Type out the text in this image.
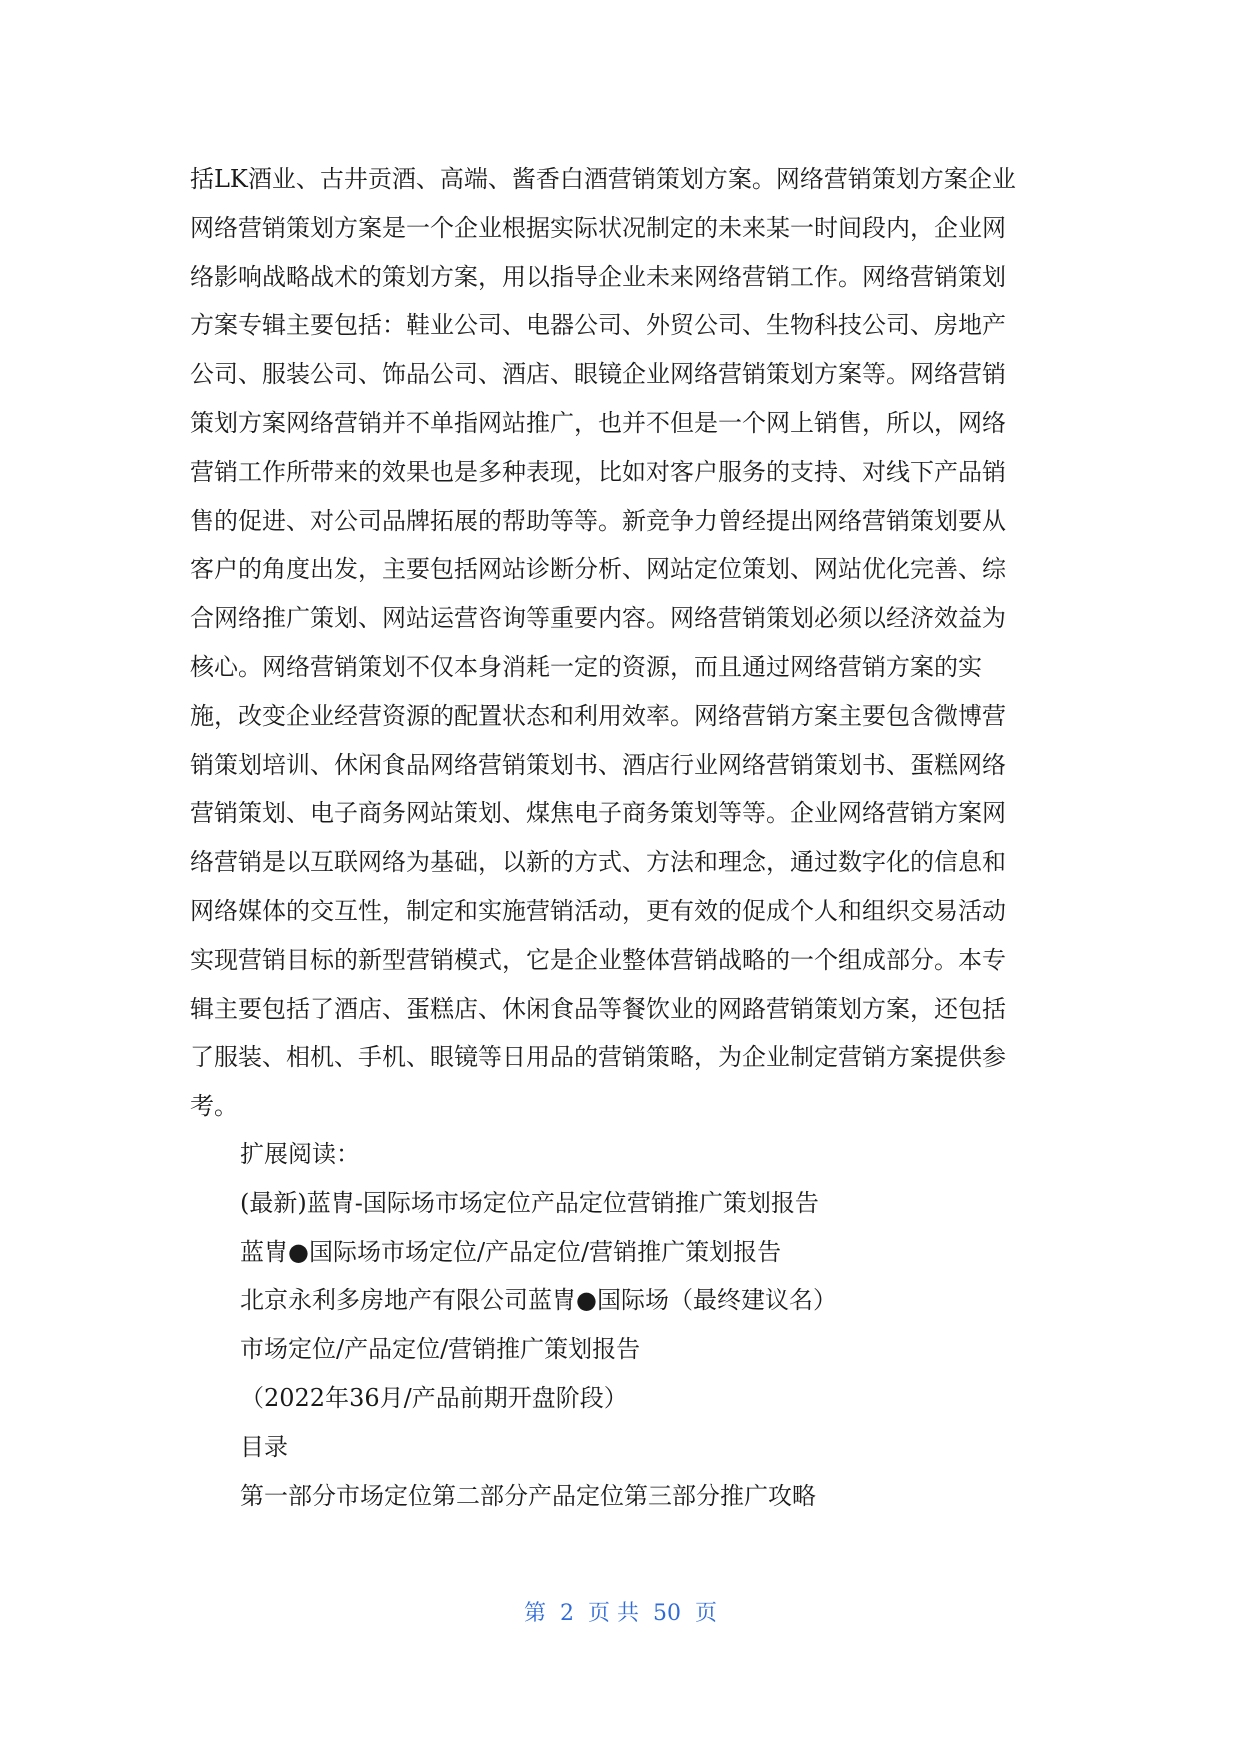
括LK酒业、古井贡酒、高端、酱香白酒营销策划方案。网络营销策划方案企业
网络营销策划方案是一个企业根据实际状况制定的未来某一时间段内，企业网
络影响战略战术的策划方案，用以指导企业未来网络营销工作。网络营销策划
方案专辑主要包括：鞋业公司、电器公司、外贸公司、生物科技公司、房地产
公司、服装公司、饰品公司、酒店、眼镜企业网络营销策划方案等。网络营销
策划方案网络营销并不单指网站推广，也并不但是一个网上销售，所以，网络
营销工作所带来的效果也是多种表现，比如对客户服务的支持、对线下产品销
售的促进、对公司品牌拓展的帮助等等。新竞争力曾经提出网络营销策划要从
客户的角度出发，主要包括网站诊断分析、网站定位策划、网站优化完善、综
合网络推广策划、网站运营咨询等重要内容。网络营销策划必须以经济效益为
核心。网络营销策划不仅本身消耗一定的资源，而且通过网络营销方案的实
施，改变企业经营资源的配置状态和利用效率。网络营销方案主要包含微博营
销策划培训、休闲食品网络营销策划书、酒店行业网络营销策划书、蛋糕网络
营销策划、电子商务网站策划、煤焦电子商务策划等等。企业网络营销方案网
络营销是以互联网络为基础，以新的方式、方法和理念，通过数字化的信息和
网络媒体的交互性，制定和实施营销活动，更有效的促成个人和组织交易活动
实现营销目标的新型营销模式，它是企业整体营销战略的一个组成部分。本专
辑主要包括了酒店、蛋糕店、休闲食品等餐饮业的网路营销策划方案，还包括
了服装、相机、手机、眼镜等日用品的营销策略，为企业制定营销方案提供参
考。
扩展阅读：
(最新)蓝冑-国际场市场定位产品定位营销推广策划报告
蓝冑●国际场市场定位/产品定位/营销推广策划报告
北京永利多房地产有限公司蓝冑●国际场（最终建议名）
市场定位/产品定位/营销推广策划报告
（2022年36月/产品前期开盘阶段）
目录
第一部分市场定位第二部分产品定位第三部分推广攻略
第  2  页 共  50  页
